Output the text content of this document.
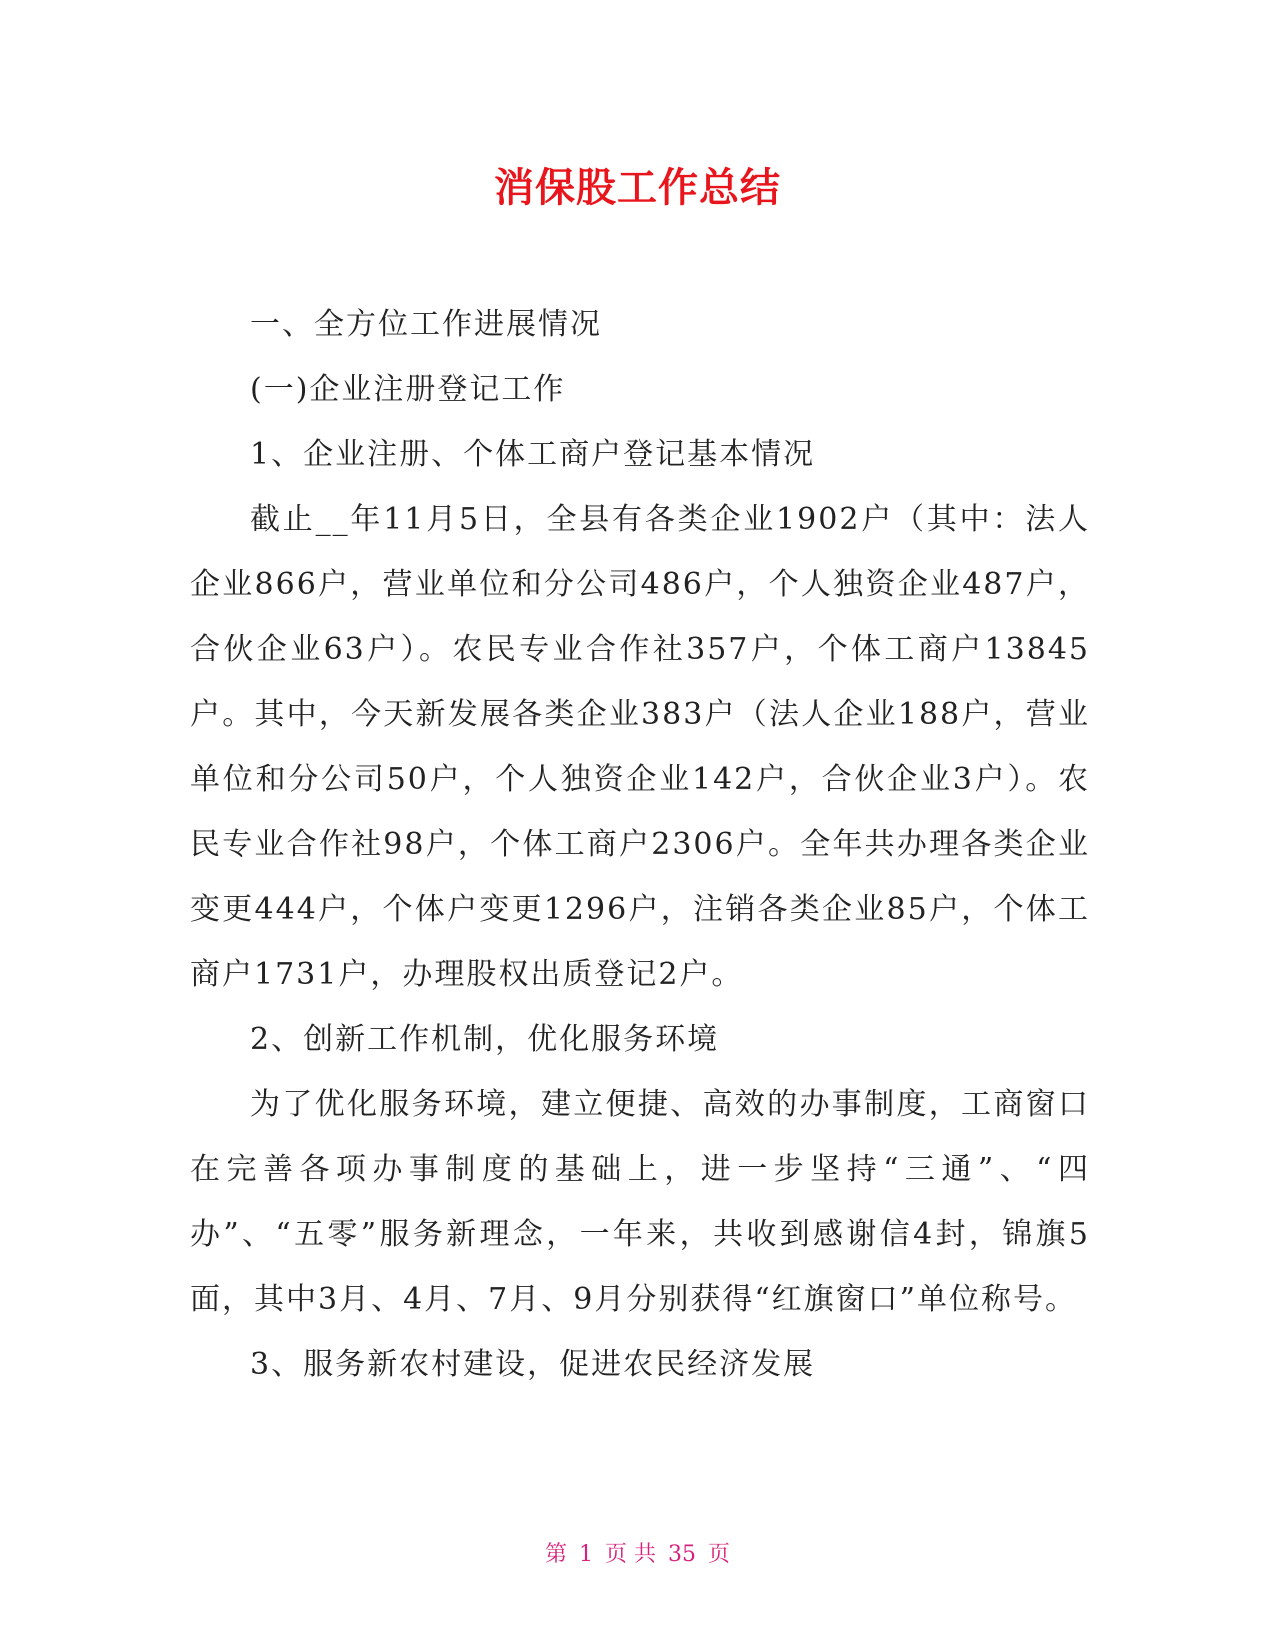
消保股工作总结

一、全方位工作进展情况

(一)企业注册登记工作

1、企业注册、个体工商户登记基本情况

截止__年11月5日，全县有各类企业1902户（其中：法人企业866户，营业单位和分公司486户，个人独资企业487户，合伙企业63户）。农民专业合作社357户，个体工商户13845户。其中，今天新发展各类企业383户（法人企业188户，营业单位和分公司50户，个人独资企业142户，合伙企业3户）。农民专业合作社98户，个体工商户2306户。全年共办理各类企业变更444户，个体户变更1296户，注销各类企业85户，个体工商户1731户，办理股权出质登记2户。

2、创新工作机制，优化服务环境

为了优化服务环境，建立便捷、高效的办事制度，工商窗口在完善各项办事制度的基础上，进一步坚持“三通”、“四办”、“五零”服务新理念，一年来，共收到感谢信4封，锦旗5面，其中3月、4月、7月、9月分别获得“红旗窗口”单位称号。

3、服务新农村建设，促进农民经济发展

第 1 页 共 35 页
